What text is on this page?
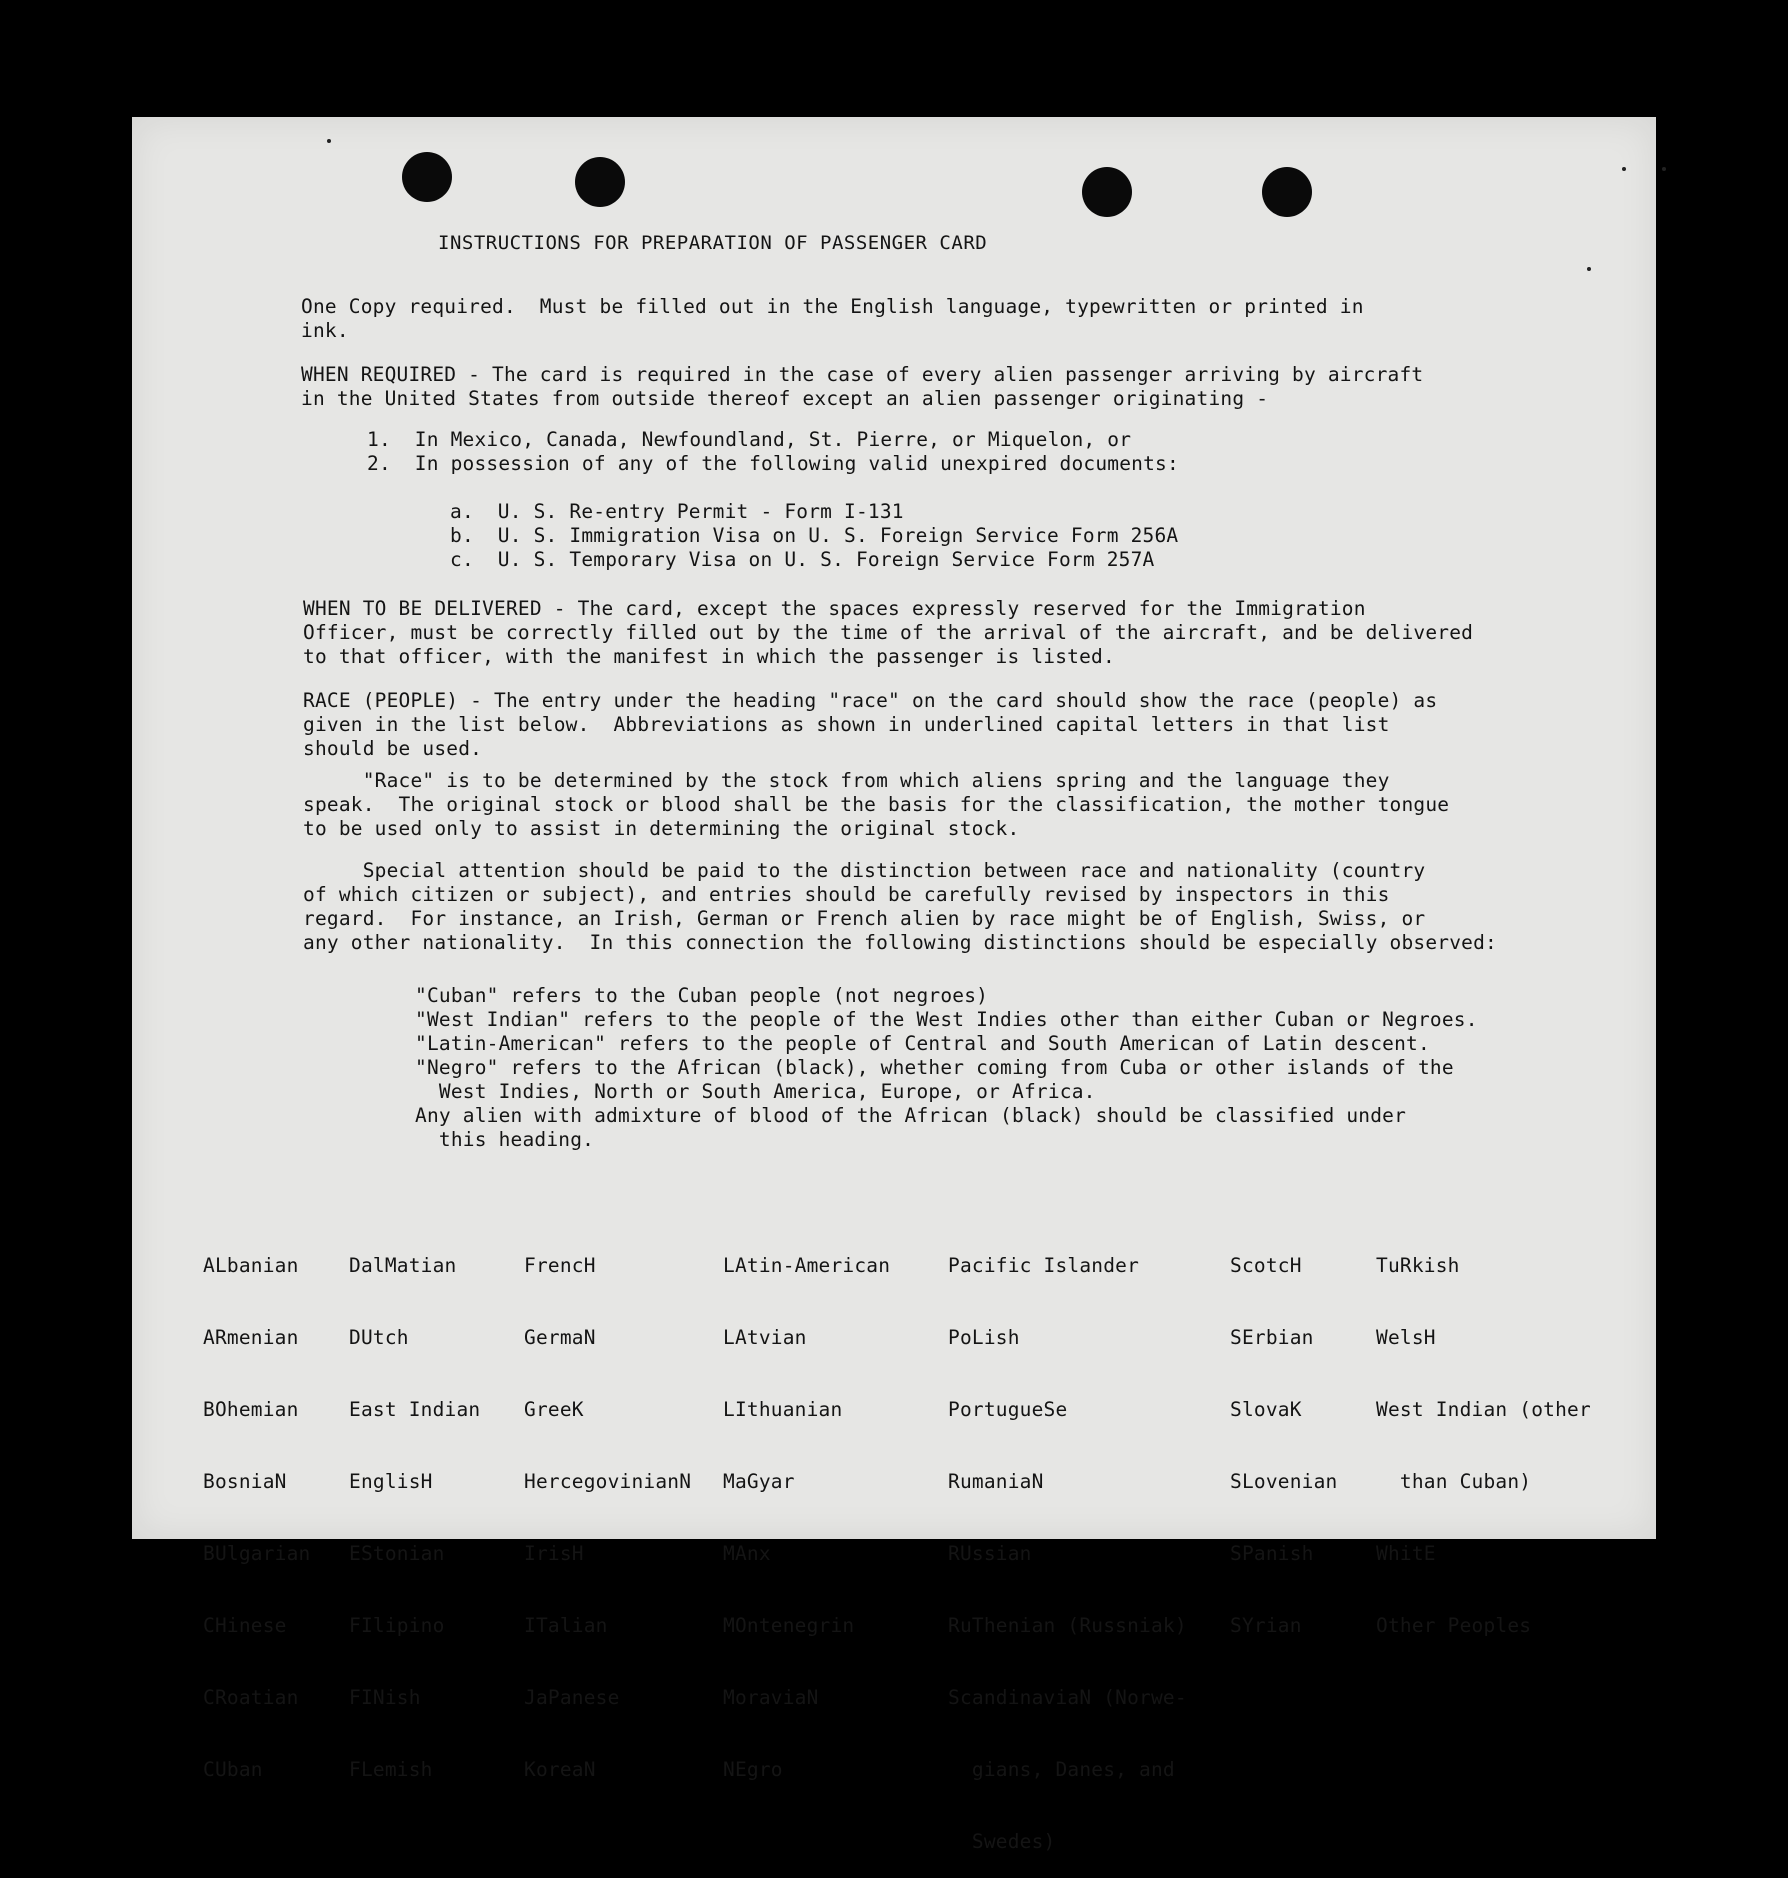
INSTRUCTIONS FOR PREPARATION OF PASSENGER CARD
One Copy required.  Must be filled out in the English language, typewritten or printed in
ink.
WHEN REQUIRED - The card is required in the case of every alien passenger arriving by aircraft
in the United States from outside thereof except an alien passenger originating -
1.  In Mexico, Canada, Newfoundland, St. Pierre, or Miquelon, or
2.  In possession of any of the following valid unexpired documents:
a.  U. S. Re-entry Permit - Form I-131
b.  U. S. Immigration Visa on U. S. Foreign Service Form 256A
c.  U. S. Temporary Visa on U. S. Foreign Service Form 257A
WHEN TO BE DELIVERED - The card, except the spaces expressly reserved for the Immigration
Officer, must be correctly filled out by the time of the arrival of the aircraft, and be delivered
to that officer, with the manifest in which the passenger is listed.
RACE (PEOPLE) - The entry under the heading "race" on the card should show the race (people) as
given in the list below.  Abbreviations as shown in underlined capital letters in that list
should be used.
"Race" is to be determined by the stock from which aliens spring and the language they
speak.  The original stock or blood shall be the basis for the classification, the mother tongue
to be used only to assist in determining the original stock.
Special attention should be paid to the distinction between race and nationality (country
of which citizen or subject), and entries should be carefully revised by inspectors in this
regard.  For instance, an Irish, German or French alien by race might be of English, Swiss, or
any other nationality.  In this connection the following distinctions should be especially observed:
"Cuban" refers to the Cuban people (not negroes)
"West Indian" refers to the people of the West Indies other than either Cuban or Negroes.
"Latin-American" refers to the people of Central and South American of Latin descent.
"Negro" refers to the African (black), whether coming from Cuba or other islands of the
West Indies, North or South America, Europe, or Africa.
Any alien with admixture of blood of the African (black) should be classified under
this heading.

ALbanian

ARmenian

BOhemian

BosniaN

BUlgarian

CHinese

CRoatian

CUban

DalMatian

DUtch

East Indian

EnglisH

EStonian

FIlipino

FINish

FLemish

FrencH

GermaN

GreeK

HercegovinianN

IrisH

ITalian

JaPanese

KoreaN

LAtin-American

LAtvian

LIthuanian

MaGyar

MAnx

MOntenegrin

MoraviaN

NEgro

Pacific Islander

PoLish

PortugueSe

RumaniaN

RUssian

RuThenian (Russniak)

ScandinaviaN (Norwe-

gians, Danes, and

Swedes)

ScotcH

SErbian

SlovaK

SLovenian

SPanish

SYrian

TuRkish

WelsH

West Indian (other

than Cuban)

WhitE

Other Peoples
